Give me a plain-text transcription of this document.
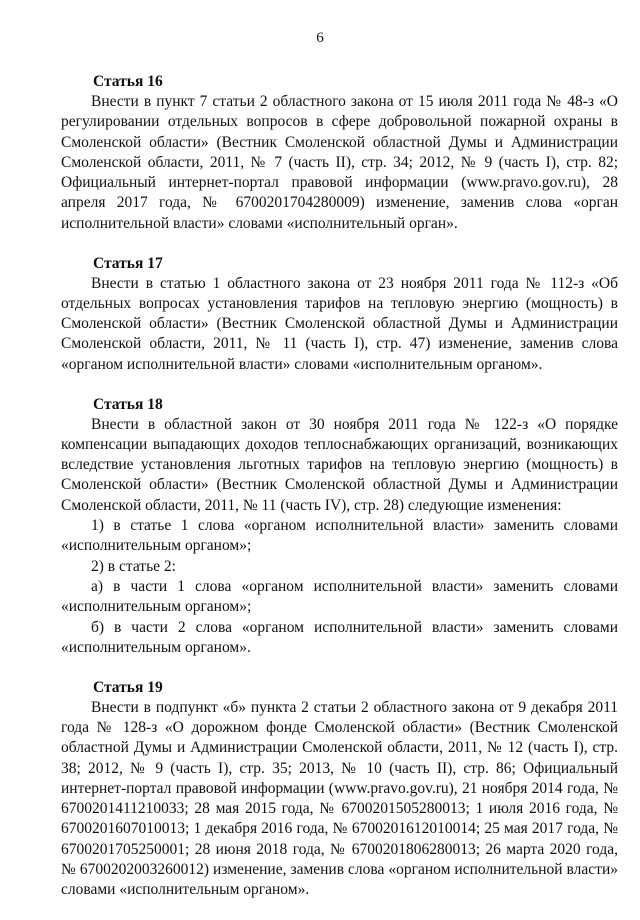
6

Статья 16

Внести в пункт 7 статьи 2 областного закона от 15 июля 2011 года № 48-з «О регулировании отдельных вопросов в сфере добровольной пожарной охраны в Смоленской области» (Вестник Смоленской областной Думы и Администрации Смоленской области, 2011, № 7 (часть II), стр. 34; 2012, № 9 (часть I), стр. 82; Официальный интернет-портал правовой информации (www.pravo.gov.ru), 28 апреля 2017 года, № 6700201704280009) изменение, заменив слова «орган исполнительной власти» словами «исполнительный орган».

Статья 17

Внести в статью 1 областного закона от 23 ноября 2011 года № 112-з «Об отдельных вопросах установления тарифов на тепловую энергию (мощность) в Смоленской области» (Вестник Смоленской областной Думы и Администрации Смоленской области, 2011, № 11 (часть I), стр. 47) изменение, заменив слова «органом исполнительной власти» словами «исполнительным органом».

Статья 18

Внести в областной закон от 30 ноября 2011 года № 122-з «О порядке компенсации выпадающих доходов теплоснабжающих организаций, возникающих вследствие установления льготных тарифов на тепловую энергию (мощность) в Смоленской области» (Вестник Смоленской областной Думы и Администрации Смоленской области, 2011, № 11 (часть IV), стр. 28) следующие изменения:

1) в статье 1 слова «органом исполнительной власти» заменить словами «исполнительным органом»;

2) в статье 2:

а) в части 1 слова «органом исполнительной власти» заменить словами «исполнительным органом»;

б) в части 2 слова «органом исполнительной власти» заменить словами «исполнительным органом».

Статья 19

Внести в подпункт «б» пункта 2 статьи 2 областного закона от 9 декабря 2011 года № 128-з «О дорожном фонде Смоленской области» (Вестник Смоленской областной Думы и Администрации Смоленской области, 2011, № 12 (часть I), стр. 38; 2012, № 9 (часть I), стр. 35; 2013, № 10 (часть II), стр. 86; Официальный интернет-портал правовой информации (www.pravo.gov.ru), 21 ноября 2014 года, № 6700201411210033; 28 мая 2015 года, № 6700201505280013; 1 июля 2016 года, № 6700201607010013; 1 декабря 2016 года, № 6700201612010014; 25 мая 2017 года, № 6700201705250001; 28 июня 2018 года, № 6700201806280013; 26 марта 2020 года, № 6700202003260012) изменение, заменив слова «органом исполнительной власти» словами «исполнительным органом».
